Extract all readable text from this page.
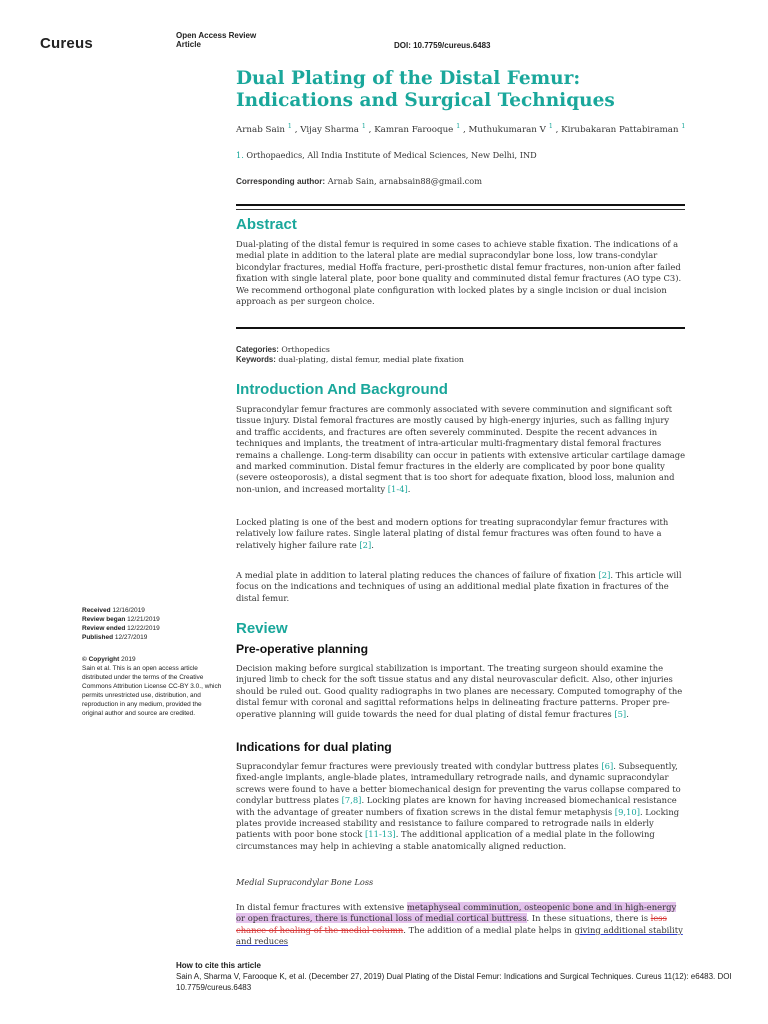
Cureus	Open Access Review
Article	DOI: 10.7759/cureus.6483
Dual Plating of the Distal Femur: Indications and Surgical Techniques
Arnab Sain $^1$ , Vijay Sharma $^1$ , Kamran Farooque $^1$ , Muthukumaran V $^1$ , Kirubakaran Pattabiraman $^1$
1. Orthopaedics, All India Institute of Medical Sciences, New Delhi, IND
Corresponding author: Arnab Sain, arnabsain88@gmail.com
Abstract
Dual-plating of the distal femur is required in some cases to achieve stable fixation. The indications of a medial plate in addition to the lateral plate are medial supracondylar bone loss, low trans-condylar bicondylar fractures, medial Hoffa fracture, peri-prosthetic distal femur fractures, non-union after failed fixation with single lateral plate, poor bone quality and comminuted distal femur fractures (AO type C3). We recommend orthogonal plate configuration with locked plates by a single incision or dual incision approach as per surgeon choice.
Categories: Orthopedics
Keywords: dual-plating, distal femur, medial plate fixation
Introduction And Background
Supracondylar femur fractures are commonly associated with severe comminution and significant soft tissue injury. Distal femoral fractures are mostly caused by high-energy injuries, such as falling injury and traffic accidents, and fractures are often severely comminuted. Despite the recent advances in techniques and implants, the treatment of intra-articular multi-fragmentary distal femoral fractures remains a challenge. Long-term disability can occur in patients with extensive articular cartilage damage and marked comminution. Distal femur fractures in the elderly are complicated by poor bone quality (severe osteoporosis), a distal segment that is too short for adequate fixation, blood loss, malunion and non-union, and increased mortality [1-4].
Locked plating is one of the best and modern options for treating supracondylar femur fractures with relatively low failure rates. Single lateral plating of distal femur fractures was often found to have a relatively higher failure rate [2].
A medial plate in addition to lateral plating reduces the chances of failure of fixation [2]. This article will focus on the indications and techniques of using an additional medial plate fixation in fractures of the distal femur.
Received 12/16/2019
Review began 12/21/2019
Review ended 12/22/2019
Published 12/27/2019
© Copyright 2019
Sain et al. This is an open access article distributed under the terms of the Creative Commons Attribution License CC-BY 3.0., which permits unrestricted use, distribution, and reproduction in any medium, provided the original author and source are credited.
Review
Pre-operative planning
Decision making before surgical stabilization is important. The treating surgeon should examine the injured limb to check for the soft tissue status and any distal neurovascular deficit. Also, other injuries should be ruled out. Good quality radiographs in two planes are necessary. Computed tomography of the distal femur with coronal and sagittal reformations helps in delineating fracture patterns. Proper pre-operative planning will guide towards the need for dual plating of distal femur fractures [5].
Indications for dual plating
Supracondylar femur fractures were previously treated with condylar buttress plates [6]. Subsequently, fixed-angle implants, angle-blade plates, intramedullary retrograde nails, and dynamic supracondylar screws were found to have a better biomechanical design for preventing the varus collapse compared to condylar buttress plates [7,8]. Locking plates are known for having increased biomechanical resistance with the advantage of greater numbers of fixation screws in the distal femur metaphysis [9,10]. Locking plates provide increased stability and resistance to failure compared to retrograde nails in elderly patients with poor bone stock [11-13]. The additional application of a medial plate in the following circumstances may help in achieving a stable anatomically aligned reduction.
Medial Supracondylar Bone Loss
In distal femur fractures with extensive metaphyseal comminution, osteopenic bone and in high-energy or open fractures, there is functional loss of medial cortical buttress. In these situations, there is less chance of healing of the medial column. The addition of a medial plate helps in giving additional stability and reduces
How to cite this article
Sain A, Sharma V, Farooque K, et al. (December 27, 2019) Dual Plating of the Distal Femur: Indications and Surgical Techniques. Cureus 11(12): e6483. DOI 10.7759/cureus.6483
